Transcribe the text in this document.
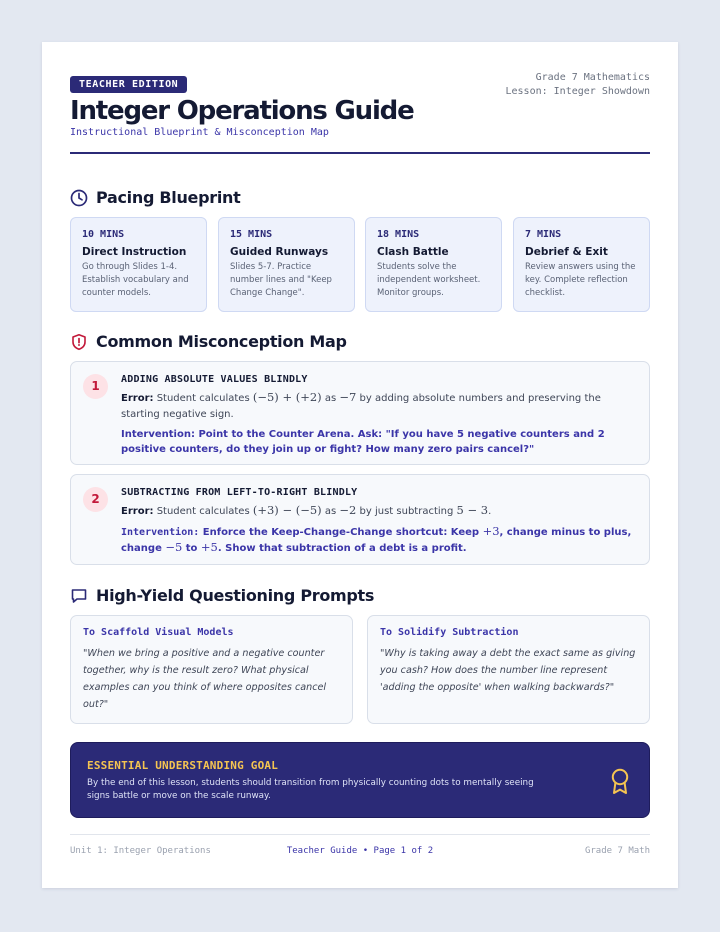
TEACHER EDITION
Grade 7 Mathematics
Lesson: Integer Showdown
Integer Operations Guide
Instructional Blueprint & Misconception Map
Pacing Blueprint
10 MINS
Direct Instruction
Go through Slides 1-4. Establish vocabulary and counter models.
15 MINS
Guided Runways
Slides 5-7. Practice number lines and "Keep Change Change".
18 MINS
Clash Battle
Students solve the independent worksheet. Monitor groups.
7 MINS
Debrief & Exit
Review answers using the key. Complete reflection checklist.
Common Misconception Map
1	ADDING ABSOLUTE VALUES BLINDLY
Error: Student calculates (−5) + (+2) as −7 by adding absolute numbers and preserving the starting negative sign.
Intervention: Point to the Counter Arena. Ask: "If you have 5 negative counters and 2 positive counters, do they join up or fight? How many zero pairs cancel?"
2	SUBTRACTING FROM LEFT-TO-RIGHT BLINDLY
Error: Student calculates (+3) − (−5) as −2 by just subtracting 5 − 3.
Intervention: Enforce the Keep-Change-Change shortcut: Keep +3, change minus to plus, change −5 to +5. Show that subtraction of a debt is a profit.
High-Yield Questioning Prompts
To Scaffold Visual Models
"When we bring a positive and a negative counter together, why is the result zero? What physical examples can you think of where opposites cancel out?"
To Solidify Subtraction
"Why is taking away a debt the exact same as giving you cash? How does the number line represent 'adding the opposite' when walking backwards?"
ESSENTIAL UNDERSTANDING GOAL
By the end of this lesson, students should transition from physically counting dots to mentally seeing signs battle or move on the scale runway.
Unit 1: Integer Operations	Teacher Guide • Page 1 of 2	Grade 7 Math
